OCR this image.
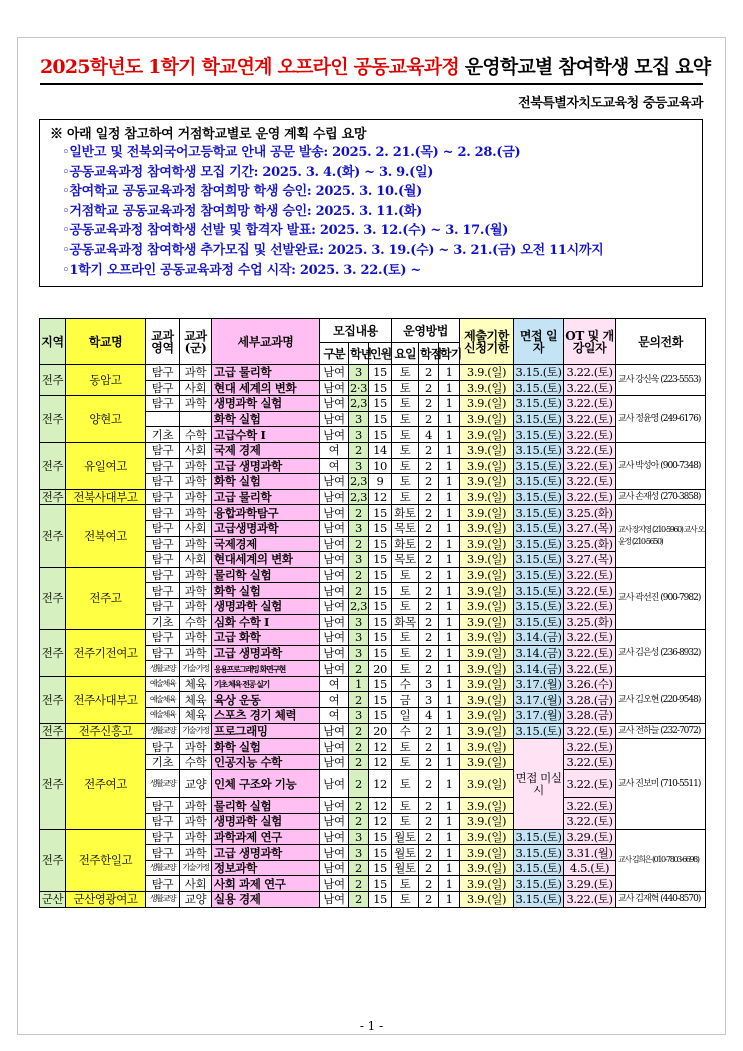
2025학년도 1학기 학교연계 오프라인 공동교육과정 운영학교별 참여학생 모집 요약
전북특별자치도교육청 중등교육과
※ 아래 일정 참고하여 거점학교별로 운영 계획 수립 요망
◦일반고 및 전북외국어고등학교 안내 공문 발송: 2025. 2. 21.(목) ~ 2. 28.(금)
◦공동교육과정 참여학생 모집 기간: 2025. 3. 4.(화) ~ 3. 9.(일)
◦참여학교 공동교육과정 참여희망 학생 승인: 2025. 3. 10.(월)
◦거점학교 공동교육과정 참여희망 학생 승인: 2025. 3. 11.(화)
◦공동교육과정 참여학생 선발 및 합격자 발표: 2025. 3. 12.(수) ~ 3. 17.(월)
◦공동교육과정 참여학생 추가모집 및 선발완료: 2025. 3. 19.(수) ~ 3. 21.(금) 오전 11시까지
◦1학기 오프라인 공동교육과정 수업 시작: 2025. 3. 22.(토) ~
지역	학교명	교과영역	교과(군)	세부교과명	모집내용			운영방법			제출기한 신청기한	면접 일자	OT 및 개강일자	문의전화
					구분	학년	인원	요일	학점	학기				
전주	동암고	탐구	과학	고급 물리학	남여	3	15	토	2	1	3.9.(일)	3.15.(토)	3.22.(토)	교사 강신욱 (223-5553)
		탐구	사회	현대 세계의 변화	남여	2·3	15	토	2	1	3.9.(일)	3.15.(토)	3.22.(토)	
전주	양현고	탐구	과학	생명과학 실험	남여	2,3	15	토	2	1	3.9.(일)	3.15.(토)	3.22.(토)	교사 정윤영 (249-6176)
				화학 실험	남여	3	15	토	2	1	3.9.(일)	3.15.(토)	3.22.(토)	
		기초	수학	고급수학 I	남여	3	15	토	4	1	3.9.(일)	3.15.(토)	3.22.(토)	
전주	유일여고	탐구	사회	국제 경제	여	2	14	토	2	1	3.9.(일)	3.15.(토)	3.22.(토)	교사 박성아 (900-7348)
		탐구	과학	고급 생명과학	여	3	10	토	2	1	3.9.(일)	3.15.(토)	3.22.(토)	
		탐구	과학	화학 실험	남여	2,3	9	토	2	1	3.9.(일)	3.15.(토)	3.22.(토)	
전주	전북사대부고	탐구	과학	고급 물리학	남여	2,3	12	토	2	1	3.9.(일)	3.15.(토)	3.22.(토)	교사 손재성 (270-3858)
전주	전북여고	탐구	과학	융합과학탐구	남여	2	15	화토	2	1	3.9.(일)	3.15.(토)	3.25.(화)	교사 장지영 (210-5960) 교사 오윤정 (210-5650)
		탐구	사회	고급생명과학	남여	3	15	목토	2	1	3.9.(일)	3.15.(토)	3.27.(목)	
		탐구	과학	국제경제	남여	2	15	화토	2	1	3.9.(일)	3.15.(토)	3.25.(화)	
		탐구	사회	현대세계의 변화	남여	3	15	목토	2	1	3.9.(일)	3.15.(토)	3.27.(목)	
전주	전주고	탐구	과학	물리학 실험	남여	2	15	토	2	1	3.9.(일)	3.15.(토)	3.22.(토)	교사 곽선진 (900-7982)
		탐구	과학	화학 실험	남여	2	15	토	2	1	3.9.(일)	3.15.(토)	3.22.(토)	
		탐구	과학	생명과학 실험	남여	2,3	15	토	2	1	3.9.(일)	3.15.(토)	3.22.(토)	
		기초	수학	심화 수학 I	남여	3	15	화목	2	1	3.9.(일)	3.15.(토)	3.25.(화)	
전주	전주기전여고	탐구	과학	고급 화학	남여	3	15	토	2	1	3.9.(일)	3.14.(금)	3.22.(토)	교사 김은성 (236-8932)
		탐구	과학	고급 생명과학	남여	3	15	토	2	1	3.9.(일)	3.14.(금)	3.22.(토)	
		생활교양	기술·가정	응용프로그래밍 화면구현	남여	2	20	토	2	1	3.9.(일)	3.14.(금)	3.22.(토)	
전주	전주사대부고	예술체육	체육	기초 체육 전공 실기	여	1	15	수	3	1	3.9.(일)	3.17.(월)	3.26.(수)	교사 김오현 (220-9548)
		예술체육	체육	육상 운동	여	2	15	금	3	1	3.9.(일)	3.17.(월)	3.28.(금)	
		예술체육	체육	스포츠 경기 체력	여	3	15	일	4	1	3.9.(일)	3.17.(월)	3.28.(금)	
전주	전주신흥고	생활교양	기술·가정	프로그래밍	남여	2	20	수	2	1	3.9.(일)	3.15.(토)	3.22.(토)	교사 전하늘 (232-7072)
전주	전주여고	탐구	과학	화학 실험	남여	2	12	토	2	1	3.9.(일)	면접 미실시	3.22.(토)	교사 진보미 (710-5511)
		기초	수학	인공지능 수학	남여	2	12	토	2	1	3.9.(일)		3.22.(토)	
		생활교양	교양	인체 구조와 기능	남여	2	12	토	2	1	3.9.(일)		3.22.(토)	
		탐구	과학	물리학 실험	남여	2	12	토	2	1	3.9.(일)		3.22.(토)	
		탐구	과학	생명과학 실험	남여	2	12	토	2	1	3.9.(일)		3.22.(토)	
전주	전주한일고	탐구	과학	과학과제 연구	남여	3	15	월토	2	1	3.9.(일)	3.15.(토)	3.29.(토)	교사 김희은 (010-7803-6698)
		탐구	과학	고급 생명과학	남여	3	15	월토	2	1	3.9.(일)	3.15.(토)	3.31.(월)	
		생활교양	기술·가정	정보과학	남여	2	15	월토	2	1	3.9.(일)	3.15.(토)	4.5.(토)	
		탐구	사회	사회 과제 연구	남여	2	15	토	2	1	3.9.(일)	3.15.(토)	3.29.(토)	
군산	군산영광여고	생활교양	교양	실용 경제	남여	2	15	토	2	1	3.9.(일)	3.15.(토)	3.22.(토)	교사 김재혁 (440-8570)
- 1 -
